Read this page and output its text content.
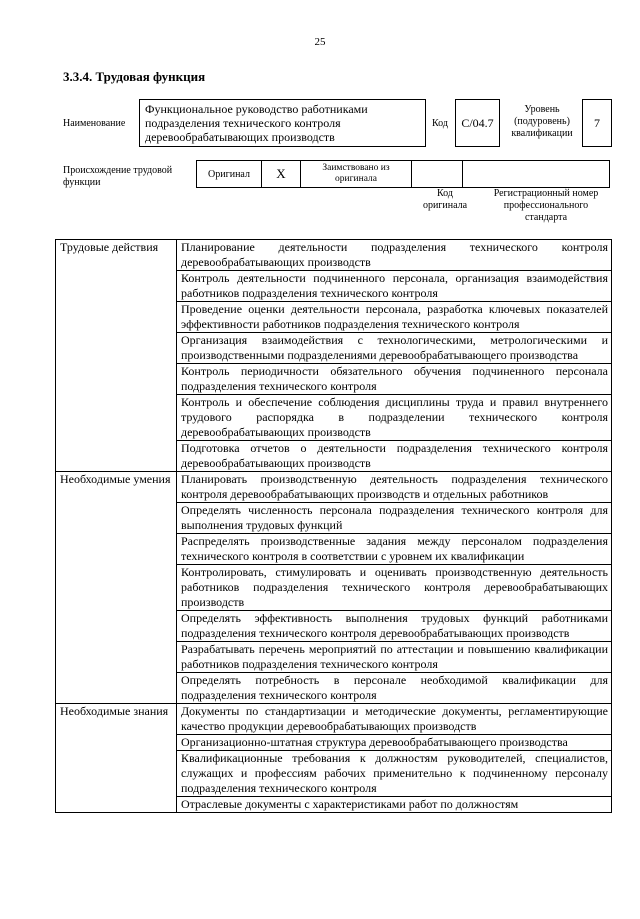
25
3.3.4. Трудовая функция
Наименование
Функциональное руководство работниками подразделения технического контроля деревообрабатывающих производств
Код	C/04.7
Уровень (подуровень) квалификации
7
Происхождение трудовой функции
Оригинал	X	Заимствовано из оригинала
Код оригинала
Регистрационный номер профессионального стандарта
Трудовые действия	Планирование деятельности подразделения технического контроля деревообрабатывающих производств
	Контроль деятельности подчиненного персонала, организация взаимодействия работников подразделения технического контроля
	Проведение оценки деятельности персонала, разработка ключевых показателей эффективности работников подразделения технического контроля
	Организация взаимодействия с технологическими, метрологическими и производственными подразделениями деревообрабатывающего производства
	Контроль периодичности обязательного обучения подчиненного персонала подразделения технического контроля
	Контроль и обеспечение соблюдения дисциплины труда и правил внутреннего трудового распорядка в подразделении технического контроля деревообрабатывающих производств
	Подготовка отчетов о деятельности подразделения технического контроля деревообрабатывающих производств
Необходимые умения	Планировать производственную деятельность подразделения технического контроля деревообрабатывающих производств и отдельных работников
	Определять численность персонала подразделения технического контроля для выполнения трудовых функций
	Распределять производственные задания между персоналом подразделения технического контроля в соответствии с уровнем их квалификации
	Контролировать, стимулировать и оценивать производственную деятельность работников подразделения технического контроля деревообрабатывающих производств
	Определять эффективность выполнения трудовых функций работниками подразделения технического контроля деревообрабатывающих производств
	Разрабатывать перечень мероприятий по аттестации и повышению квалификации работников подразделения технического контроля
	Определять потребность в персонале необходимой квалификации для подразделения технического контроля
Необходимые знания	Документы по стандартизации и методические документы, регламентирующие качество продукции деревообрабатывающих производств
	Организационно-штатная структура деревообрабатывающего производства
	Квалификационные требования к должностям руководителей, специалистов, служащих и профессиям рабочих применительно к подчиненному персоналу подразделения технического контроля
	Отраслевые документы с характеристиками работ по должностям
